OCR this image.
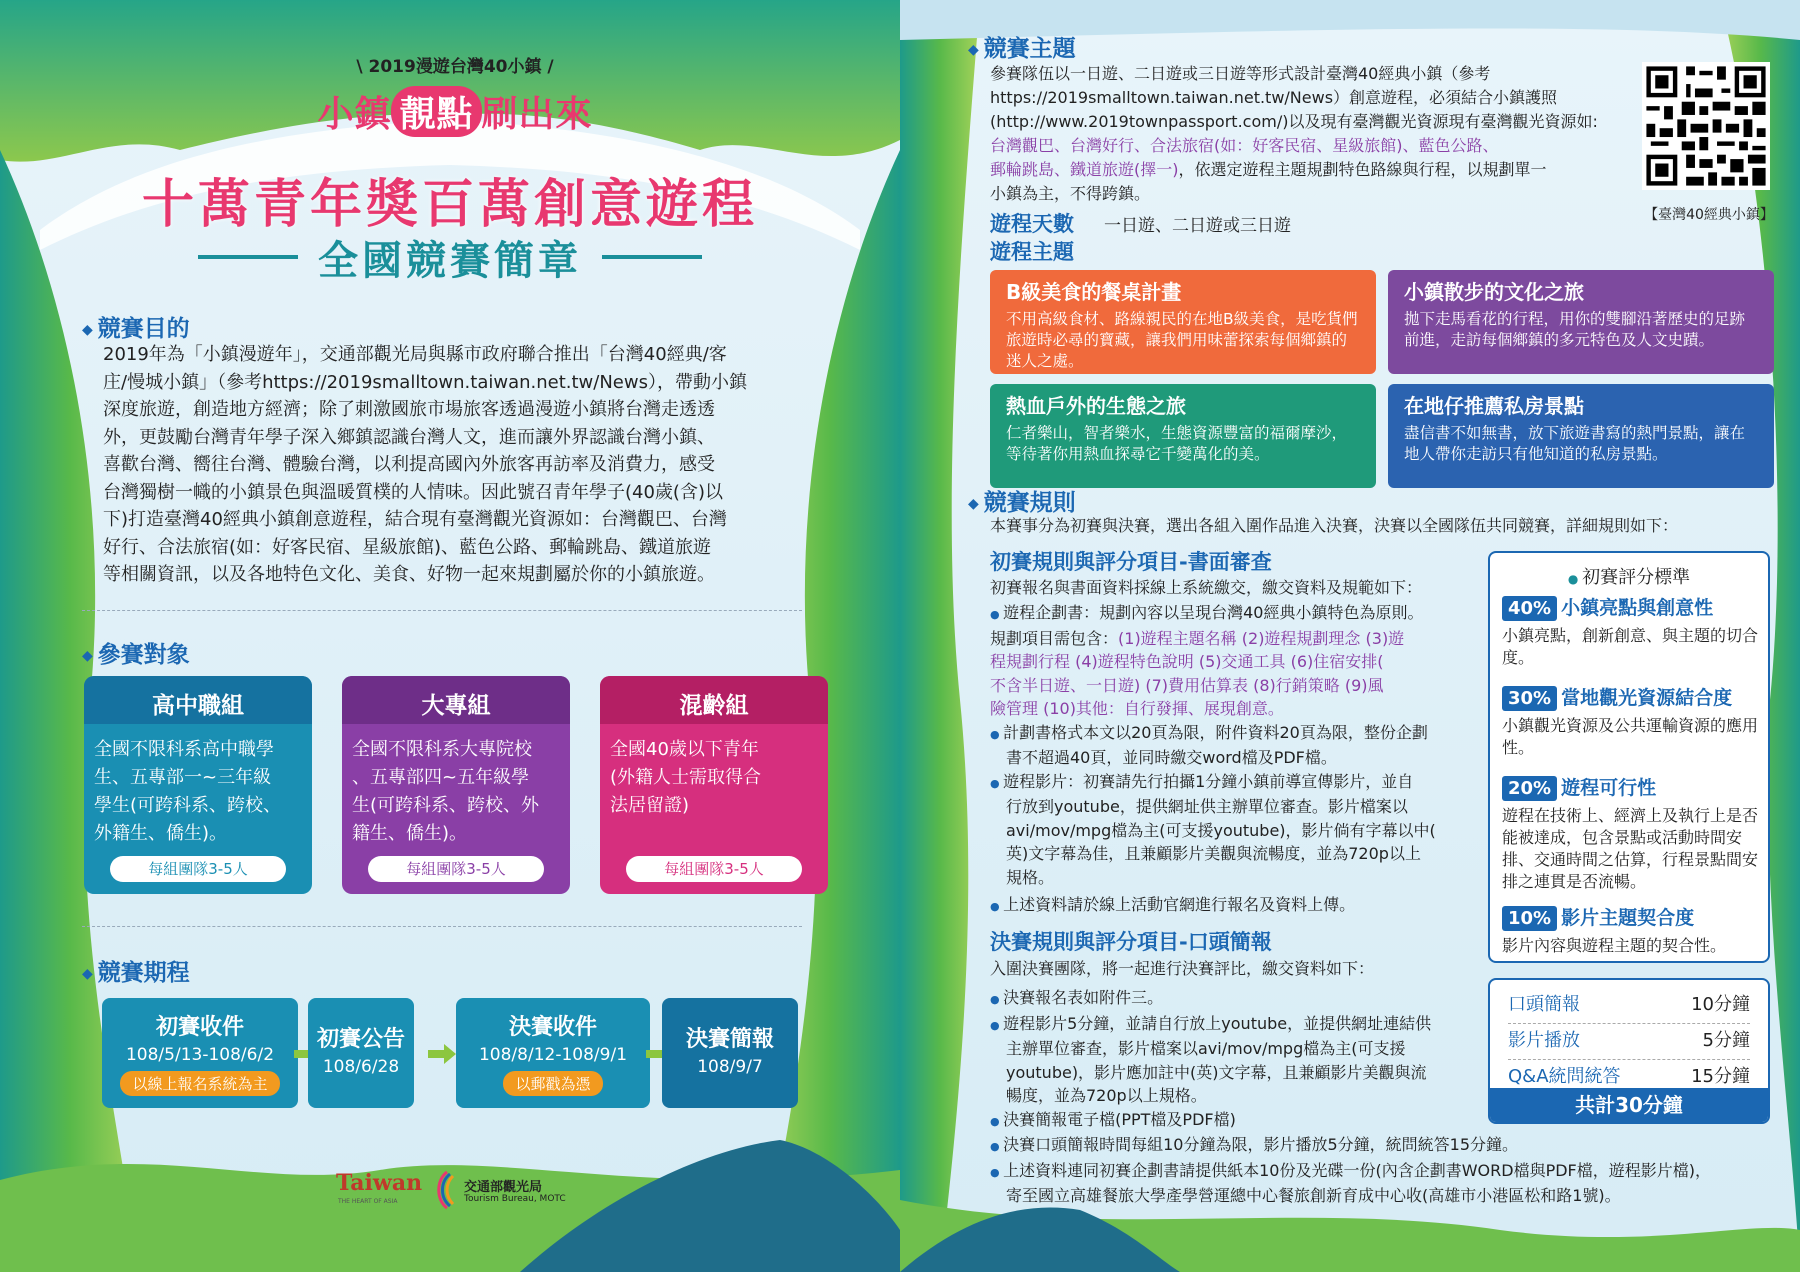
\ 2019漫遊台灣40小鎮 /
小鎮 靚點 刷出來
十萬青年獎百萬創意遊程
全國競賽簡章
◆ 競賽目的
2019年為「小鎮漫遊年」，交通部觀光局與縣市政府聯合推出「台灣40經典/客
庄/慢城小鎮」（參考https://2019smalltown.taiwan.net.tw/News），帶動小鎮
深度旅遊，創造地方經濟；除了刺激國旅市場旅客透過漫遊小鎮將台灣走透透
外，更鼓勵台灣青年學子深入鄉鎮認識台灣人文，進而讓外界認識台灣小鎮、
喜歡台灣、嚮往台灣、體驗台灣，以利提高國內外旅客再訪率及消費力，感受
台灣獨樹一幟的小鎮景色與溫暖質樸的人情味。因此號召青年學子(40歲(含)以
下)打造臺灣40經典小鎮創意遊程，結合現有臺灣觀光資源如：台灣觀巴、台灣
好行、合法旅宿(如：好客民宿、星級旅館)、藍色公路、郵輪跳島、鐵道旅遊
等相關資訊，以及各地特色文化、美食、好物一起來規劃屬於你的小鎮旅遊。
◆ 參賽對象
高中職組
全國不限科系高中職學
生、五專部一~三年級
學生(可跨科系、跨校、
外籍生、僑生)。
每組團隊3-5人
大專組
全國不限科系大專院校
、五專部四~五年級學
生(可跨科系、跨校、外
籍生、僑生)。
每組團隊3-5人
混齡組
全國40歲以下青年
(外籍人士需取得合
法居留證)
每組團隊3-5人
◆ 競賽期程
初賽收件
108/5/13-108/6/2
以線上報名系統為主
初賽公告
108/6/28
決賽收件
108/8/12-108/9/1
以郵戳為憑
決賽簡報
108/9/7
Taiwan
THE HEART OF ASIA
交通部觀光局
Tourism Bureau, MOTC
◆ 競賽主題
參賽隊伍以一日遊、二日遊或三日遊等形式設計臺灣40經典小鎮（參考
https://2019smalltown.taiwan.net.tw/News）創意遊程，必須結合小鎮護照
(http://www.2019townpassport.com/)以及現有臺灣觀光資源現有臺灣觀光資源如:
台灣觀巴、台灣好行、合法旅宿(如：好客民宿、星級旅館)、藍色公路、
郵輪跳島、鐵道旅遊(擇一)，依選定遊程主題規劃特色路線與行程，以規劃單一
小鎮為主，不得跨鎮。
【臺灣40經典小鎮】
遊程天數 一日遊、二日遊或三日遊
遊程主題
B級美食的餐桌計畫
不用高級食材、路線親民的在地B級美食，是吃貨們旅遊時必尋的寶藏，讓我們用味蕾探索每個鄉鎮的迷人之處。
小鎮散步的文化之旅
拋下走馬看花的行程，用你的雙腳沿著歷史的足跡前進，走訪每個鄉鎮的多元特色及人文史蹟。
熱血戶外的生態之旅
仁者樂山，智者樂水，生態資源豐富的福爾摩沙，等待著你用熱血探尋它千變萬化的美。
在地仔推薦私房景點
盡信書不如無書，放下旅遊書寫的熱門景點，讓在地人帶你走訪只有他知道的私房景點。
◆ 競賽規則
本賽事分為初賽與決賽，選出各組入圍作品進入決賽，決賽以全國隊伍共同競賽，詳細規則如下：
初賽規則與評分項目-書面審查
初賽報名與書面資料採線上系統繳交，繳交資料及規範如下：
● 遊程企劃書：規劃內容以呈現台灣40經典小鎮特色為原則。
規劃項目需包含：(1)遊程主題名稱 (2)遊程規劃理念 (3)遊
程規劃行程 (4)遊程特色說明 (5)交通工具 (6)住宿安排(
不含半日遊、一日遊) (7)費用估算表 (8)行銷策略 (9)風
險管理 (10)其他：自行發揮、展現創意。
● 計劃書格式本文以20頁為限，附件資料20頁為限，整份企劃
書不超過40頁，並同時繳交word檔及PDF檔。
● 遊程影片：初賽請先行拍攝1分鐘小鎮前導宣傳影片，並自
行放到youtube，提供網址供主辦單位審查。影片檔案以
avi/mov/mpg檔為主(可支援youtube)，影片倘有字幕以中(
英)文字幕為佳，且兼顧影片美觀與流暢度，並為720p以上
規格。
● 上述資料請於線上活動官網進行報名及資料上傳。
決賽規則與評分項目-口頭簡報
入圍決賽團隊，將一起進行決賽評比，繳交資料如下：
● 決賽報名表如附件三。
● 遊程影片5分鐘，並請自行放上youtube，並提供網址連結供
主辦單位審查，影片檔案以avi/mov/mpg檔為主(可支援
youtube)，影片應加註中(英)文字幕，且兼顧影片美觀與流
暢度，並為720p以上規格。
● 決賽簡報電子檔(PPT檔及PDF檔)
● 決賽口頭簡報時間每組10分鐘為限，影片播放5分鐘，統問統答15分鐘。
● 上述資料連同初賽企劃書請提供紙本10份及光碟一份(內含企劃書WORD檔與PDF檔，遊程影片檔)，
寄至國立高雄餐旅大學產學營運總中心餐旅創新育成中心收(高雄市小港區松和路1號)。
● 初賽評分標準
40% 小鎮亮點與創意性
小鎮亮點，創新創意、與主題的切合度。
30% 當地觀光資源結合度
小鎮觀光資源及公共運輸資源的應用性。
20% 遊程可行性
遊程在技術上、經濟上及執行上是否能被達成，包含景點或活動時間安排、交通時間之估算，行程景點間安排之連貫是否流暢。
10% 影片主題契合度
影片內容與遊程主題的契合性。
口頭簡報	10分鐘
影片播放	5分鐘
Q&A統問統答	15分鐘
共計30分鐘
